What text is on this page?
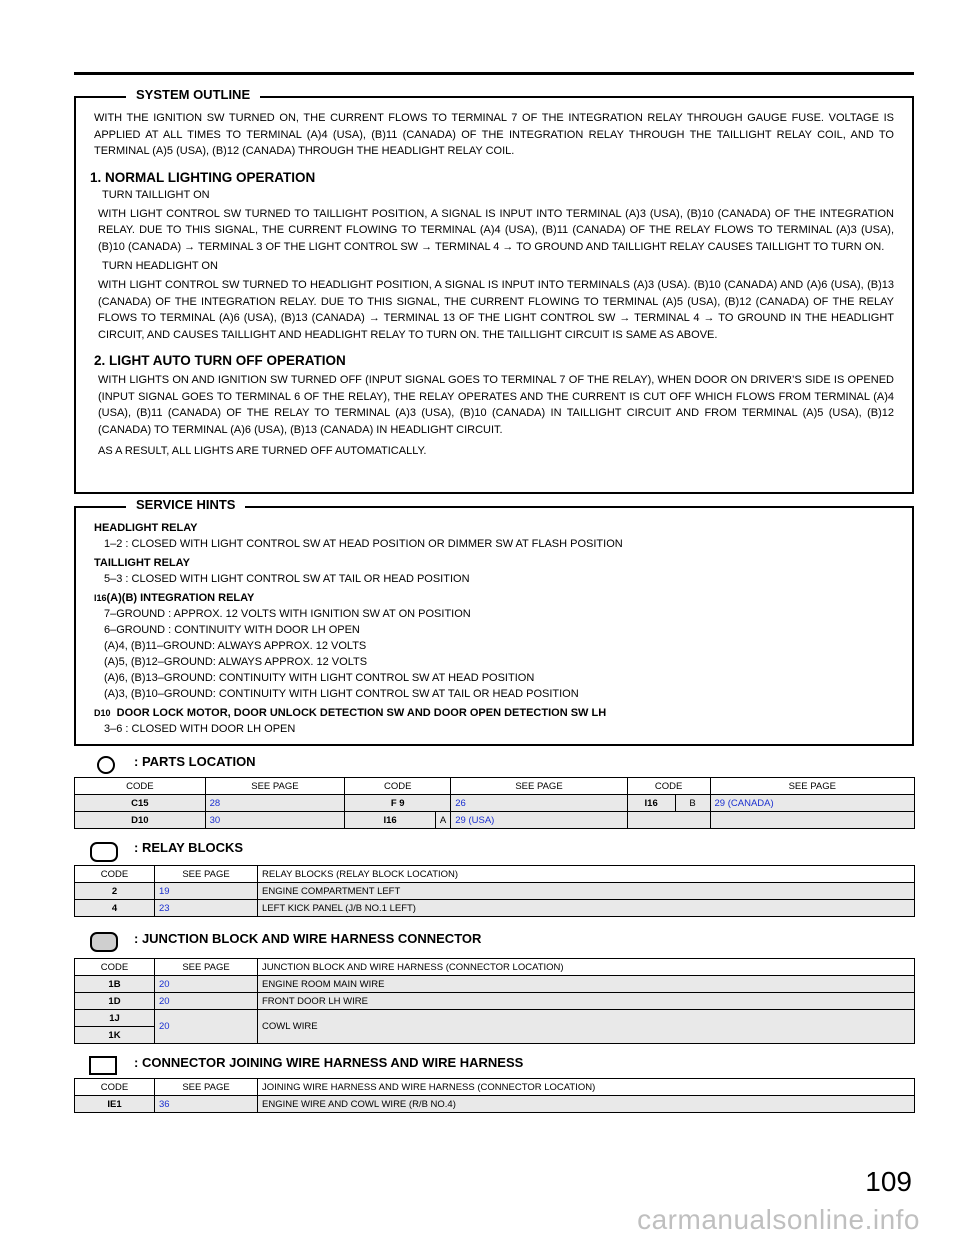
SYSTEM OUTLINE

WITH THE IGNITION SW TURNED ON, THE CURRENT FLOWS TO TERMINAL 7 OF THE INTEGRATION RELAY THROUGH GAUGE FUSE. VOLTAGE IS APPLIED AT ALL TIMES TO TERMINAL (A)4 (USA), (B)11 (CANADA) OF THE INTEGRATION RELAY THROUGH THE TAILLIGHT RELAY COIL, AND TO TERMINAL (A)5 (USA), (B)12 (CANADA) THROUGH THE HEADLIGHT RELAY COIL.

1. NORMAL LIGHTING OPERATION
TURN TAILLIGHT ON

WITH LIGHT CONTROL SW TURNED TO TAILLIGHT POSITION, A SIGNAL IS INPUT INTO TERMINAL (A)3 (USA), (B)10 (CANADA) OF THE INTEGRATION RELAY. DUE TO THIS SIGNAL, THE CURRENT FLOWING TO TERMINAL (A)4 (USA), (B)11 (CANADA) OF THE RELAY FLOWS TO TERMINAL (A)3 (USA), (B)10 (CANADA) → TERMINAL 3 OF THE LIGHT CONTROL SW → TERMINAL 4 → TO GROUND AND TAILLIGHT RELAY CAUSES TAILLIGHT TO TURN ON.

TURN HEADLIGHT ON

WITH LIGHT CONTROL SW TURNED TO HEADLIGHT POSITION, A SIGNAL IS INPUT INTO TERMINALS (A)3 (USA). (B)10 (CANADA) AND (A)6 (USA), (B)13 (CANADA) OF THE INTEGRATION RELAY. DUE TO THIS SIGNAL, THE CURRENT FLOWING TO TERMINAL (A)5 (USA), (B)12 (CANADA) OF THE RELAY FLOWS TO TERMINAL (A)6 (USA), (B)13 (CANADA) → TERMINAL 13 OF THE LIGHT CONTROL SW → TERMINAL 4 → TO GROUND IN THE HEADLIGHT CIRCUIT, AND CAUSES TAILLIGHT AND HEADLIGHT RELAY TO TURN ON. THE TAILLIGHT CIRCUIT IS SAME AS ABOVE.

2. LIGHT AUTO TURN OFF OPERATION

WITH LIGHTS ON AND IGNITION SW TURNED OFF (INPUT SIGNAL GOES TO TERMINAL 7 OF THE RELAY), WHEN DOOR ON DRIVER’S SIDE IS OPENED (INPUT SIGNAL GOES TO TERMINAL 6 OF THE RELAY), THE RELAY OPERATES AND THE CURRENT IS CUT OFF WHICH FLOWS FROM TERMINAL (A)4 (USA), (B)11 (CANADA) OF THE RELAY TO TERMINAL (A)3 (USA), (B)10 (CANADA) IN TAILLIGHT CIRCUIT AND FROM TERMINAL (A)5 (USA), (B)12 (CANADA) TO TERMINAL (A)6 (USA), (B)13 (CANADA) IN HEADLIGHT CIRCUIT.

AS A RESULT, ALL LIGHTS ARE TURNED OFF AUTOMATICALLY.

SERVICE HINTS
HEADLIGHT RELAY
1–2 : CLOSED WITH LIGHT CONTROL SW AT HEAD POSITION OR DIMMER SW AT FLASH POSITION
TAILLIGHT RELAY
5–3 : CLOSED WITH LIGHT CONTROL SW AT TAIL OR HEAD POSITION
I16(A)(B) INTEGRATION RELAY
7–GROUND : APPROX. 12 VOLTS WITH IGNITION SW AT ON POSITION
6–GROUND : CONTINUITY WITH DOOR LH OPEN
(A)4, (B)11–GROUND: ALWAYS APPROX. 12 VOLTS
(A)5, (B)12–GROUND: ALWAYS APPROX. 12 VOLTS
(A)6, (B)13–GROUND: CONTINUITY WITH LIGHT CONTROL SW AT HEAD POSITION
(A)3, (B)10–GROUND: CONTINUITY WITH LIGHT CONTROL SW AT TAIL OR HEAD POSITION
D10 DOOR LOCK MOTOR, DOOR UNLOCK DETECTION SW AND DOOR OPEN DETECTION SW LH
3–6 : CLOSED WITH DOOR LH OPEN
: PARTS LOCATION
CODE	SEE PAGE	CODE		SEE PAGE	CODE		SEE PAGE
C15	28	F 9		26	I16	B	29 (CANADA)
D10	30	I16	A	29 (USA)			
: RELAY BLOCKS
CODE	SEE PAGE	RELAY BLOCKS (RELAY BLOCK LOCATION)
2	19	ENGINE COMPARTMENT LEFT
4	23	LEFT KICK PANEL (J/B NO.1 LEFT)
: JUNCTION BLOCK AND WIRE HARNESS CONNECTOR
CODE	SEE PAGE	JUNCTION BLOCK AND WIRE HARNESS (CONNECTOR LOCATION)
1B	20	ENGINE ROOM MAIN WIRE
1D	20	FRONT DOOR LH WIRE
1J	20	COWL WIRE
1K		
: CONNECTOR JOINING WIRE HARNESS AND WIRE HARNESS
CODE	SEE PAGE	JOINING WIRE HARNESS AND WIRE HARNESS (CONNECTOR LOCATION)
IE1	36	ENGINE WIRE AND COWL WIRE (R/B NO.4)
109
carmanualsonline.info
